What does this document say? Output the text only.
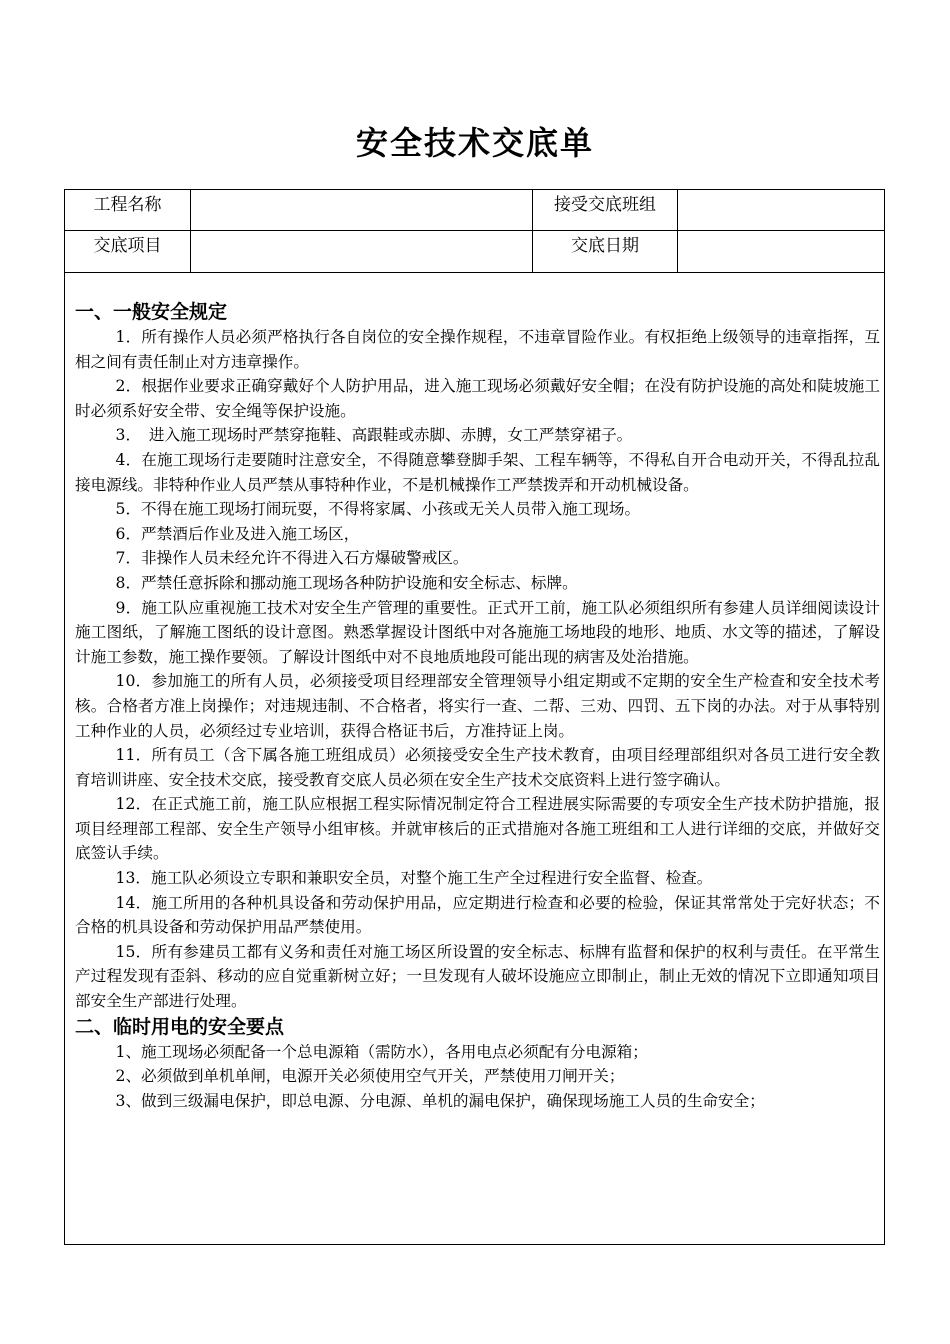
安全技术交底单
工程名称	接受交底班组
交底项目	交底日期
一、一般安全规定

1．所有操作人员必须严格执行各自岗位的安全操作规程，不违章冒险作业。有权拒绝上级领导的违章指挥，互相之间有责任制止对方违章操作。

2．根据作业要求正确穿戴好个人防护用品，进入施工现场必须戴好安全帽；在没有防护设施的高处和陡坡施工时必须系好安全带、安全绳等保护设施。

3．　进入施工现场时严禁穿拖鞋、高跟鞋或赤脚、赤膊，女工严禁穿裙子。

4．在施工现场行走要随时注意安全，不得随意攀登脚手架、工程车辆等，不得私自开合电动开关，不得乱拉乱接电源线。非特种作业人员严禁从事特种作业，不是机械操作工严禁拨弄和开动机械设备。

5．不得在施工现场打闹玩耍，不得将家属、小孩或无关人员带入施工现场。

6．严禁酒后作业及进入施工场区，

7．非操作人员未经允许不得进入石方爆破警戒区。

8．严禁任意拆除和挪动施工现场各种防护设施和安全标志、标牌。

9．施工队应重视施工技术对安全生产管理的重要性。正式开工前，施工队必须组织所有参建人员详细阅读设计施工图纸，了解施工图纸的设计意图。熟悉掌握设计图纸中对各施施工场地段的地形、地质、水文等的描述，了解设计施工参数，施工操作要领。了解设计图纸中对不良地质地段可能出现的病害及处治措施。

10．参加施工的所有人员，必须接受项目经理部安全管理领导小组定期或不定期的安全生产检查和安全技术考核。合格者方准上岗操作；对违规违制、不合格者，将实行一查、二帮、三劝、四罚、五下岗的办法。对于从事特别工种作业的人员，必须经过专业培训，获得合格证书后，方准持证上岗。

11．所有员工（含下属各施工班组成员）必须接受安全生产技术教育，由项目经理部组织对各员工进行安全教育培训讲座、安全技术交底，接受教育交底人员必须在安全生产技术交底资料上进行签字确认。

12．在正式施工前，施工队应根据工程实际情况制定符合工程进展实际需要的专项安全生产技术防护措施，报项目经理部工程部、安全生产领导小组审核。并就审核后的正式措施对各施工班组和工人进行详细的交底，并做好交底签认手续。

13．施工队必须设立专职和兼职安全员，对整个施工生产全过程进行安全监督、检查。

14．施工所用的各种机具设备和劳动保护用品，应定期进行检查和必要的检验，保证其常常处于完好状态；不合格的机具设备和劳动保护用品严禁使用。

15．所有参建员工都有义务和责任对施工场区所设置的安全标志、标牌有监督和保护的权利与责任。在平常生产过程发现有歪斜、移动的应自觉重新树立好；一旦发现有人破坏设施应立即制止，制止无效的情况下立即通知项目部安全生产部进行处理。

二、临时用电的安全要点

1、施工现场必须配备一个总电源箱（需防水），各用电点必须配有分电源箱；

2、必须做到单机单闸，电源开关必须使用空气开关，严禁使用刀闸开关；

3、做到三级漏电保护，即总电源、分电源、单机的漏电保护，确保现场施工人员的生命安全；
